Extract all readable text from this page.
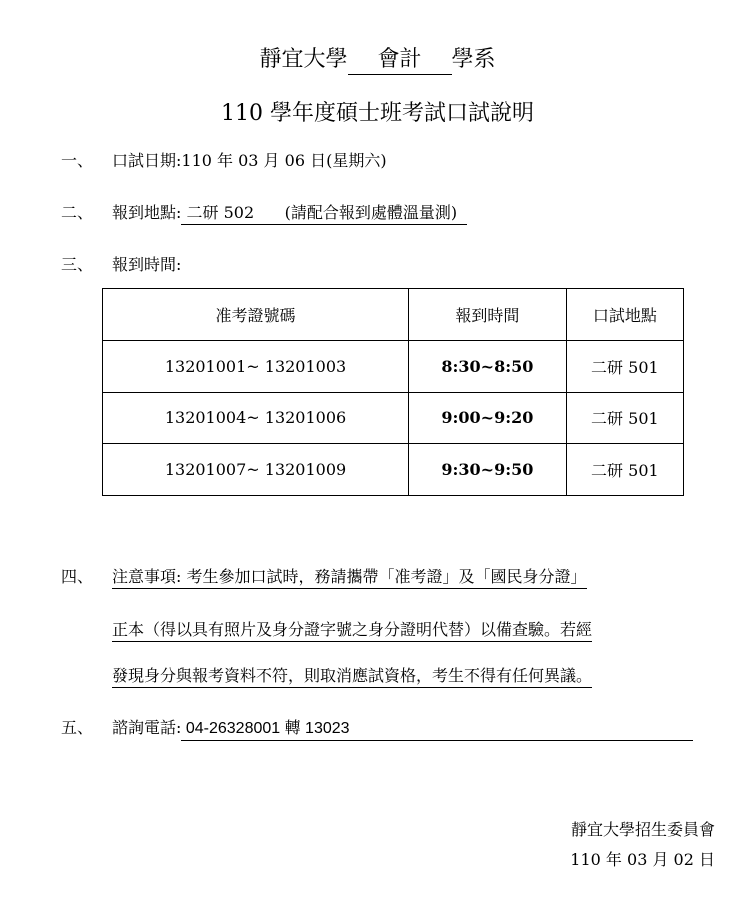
靜宜大學 會計 學系
110 學年度碩士班考試口試說明
一、 口試日期:110 年 03 月 06 日(星期六)
二、 報到地點: 二研 502      (請配合報到處體溫量測)
三、 報到時間:
准考證號碼	報到時間	口試地點
13201001~ 13201003	8:30~8:50	二研 501
13201004~ 13201006	9:00~9:20	二研 501
13201007~ 13201009	9:30~9:50	二研 501
四、 注意事項: 考生參加口試時，務請攜帶「准考證」及「國民身分證」
正本（得以具有照片及身分證字號之身分證明代替）以備查驗。若經
發現身分與報考資料不符，則取消應試資格，考生不得有任何異議。
五、 諮詢電話: 04-26328001 轉 13023
靜宜大學招生委員會
110 年 03 月 02 日
